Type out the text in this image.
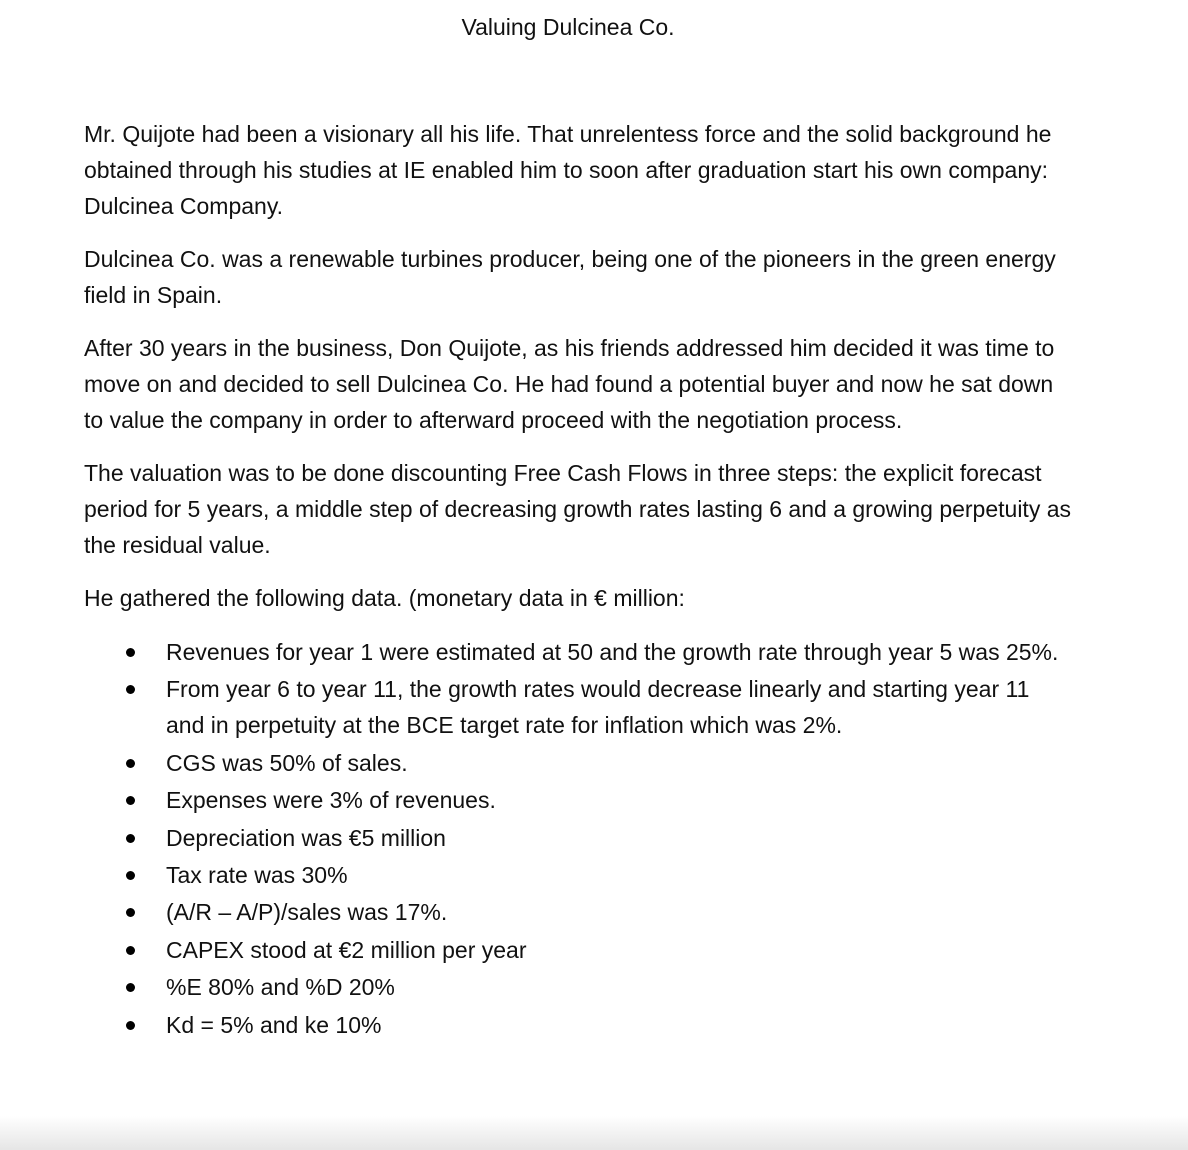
Valuing Dulcinea Co.

Mr. Quijote had been a visionary all his life. That unrelentess force and the solid background he obtained through his studies at IE enabled him to soon after graduation start his own company: Dulcinea Company.

Dulcinea Co. was a renewable turbines producer, being one of the pioneers in the green energy field in Spain.

After 30 years in the business, Don Quijote, as his friends addressed him decided it was time to move on and decided to sell Dulcinea Co. He had found a potential buyer and now he sat down to value the company in order to afterward proceed with the negotiation process.

The valuation was to be done discounting Free Cash Flows in three steps: the explicit forecast period for 5 years, a middle step of decreasing growth rates lasting 6 and a growing perpetuity as the residual value.

He gathered the following data. (monetary data in € million:

Revenues for year 1 were estimated at 50 and the growth rate through year 5 was 25%.
From year 6 to year 11, the growth rates would decrease linearly and starting year 11 and in perpetuity at the BCE target rate for inflation which was 2%.
CGS was 50% of sales.
Expenses were 3% of revenues.
Depreciation was €5 million
Tax rate was 30%
(A/R – A/P)/sales was 17%.
CAPEX stood at €2 million per year
%E 80% and %D 20%
Kd = 5% and ke 10%
